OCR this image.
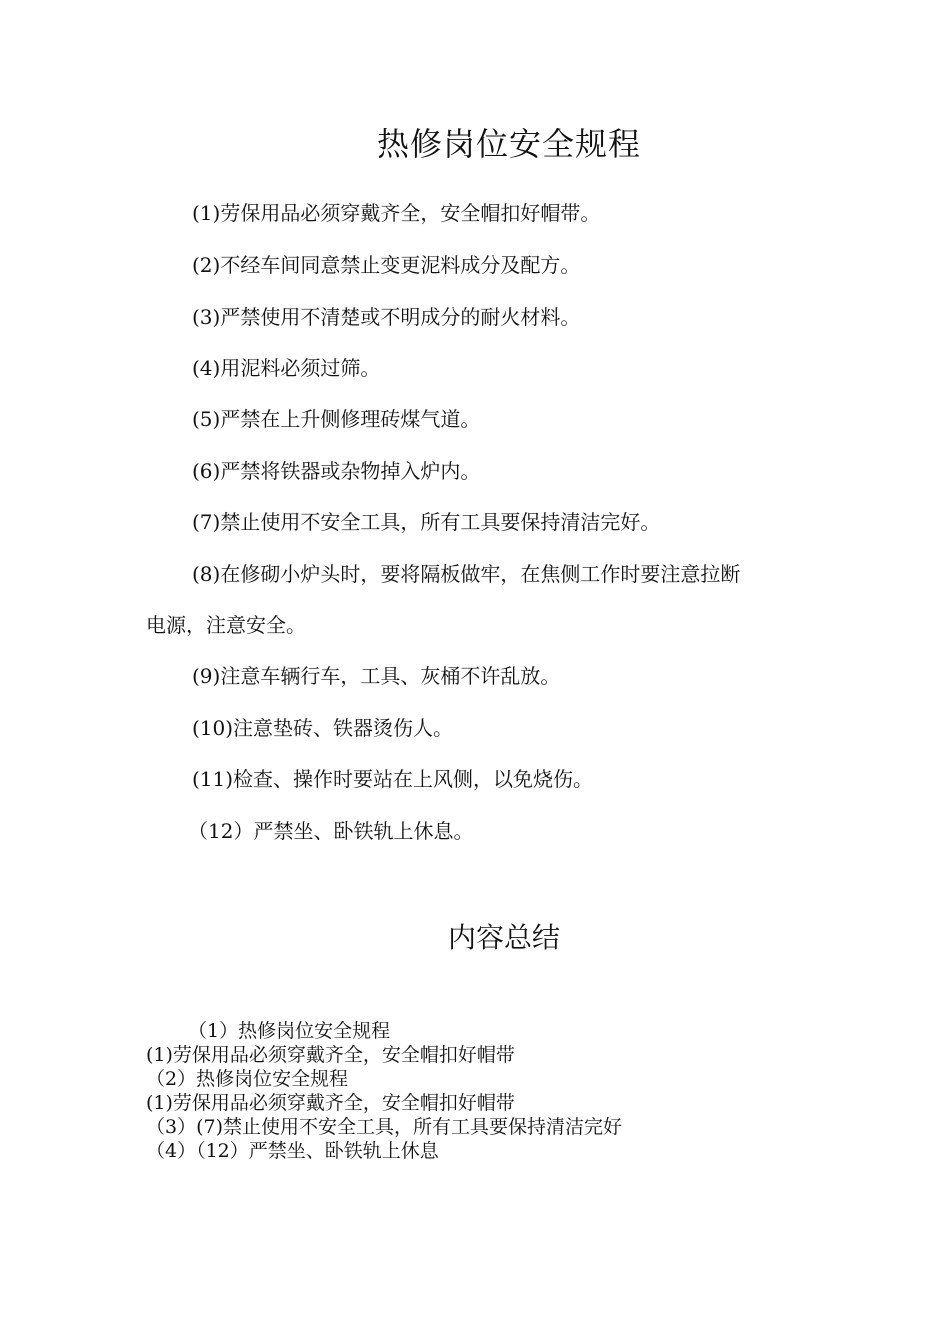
热修岗位安全规程
(1)劳保用品必须穿戴齐全，安全帽扣好帽带。
(2)不经车间同意禁止变更泥料成分及配方。
(3)严禁使用不清楚或不明成分的耐火材料。
(4)用泥料必须过筛。
(5)严禁在上升侧修理砖煤气道。
(6)严禁将铁器或杂物掉入炉内。
(7)禁止使用不安全工具，所有工具要保持清洁完好。
(8)在修砌小炉头时，要将隔板做牢，在焦侧工作时要注意拉断
电源，注意安全。
(9)注意车辆行车，工具、灰桶不许乱放。
(10)注意垫砖、铁器烫伤人。
(11)检查、操作时要站在上风侧，以免烧伤。
（12）严禁坐、卧铁轨上休息。
内容总结
（1）热修岗位安全规程
(1)劳保用品必须穿戴齐全，安全帽扣好帽带
（2）热修岗位安全规程
(1)劳保用品必须穿戴齐全，安全帽扣好帽带
（3）(7)禁止使用不安全工具，所有工具要保持清洁完好
（4）（12）严禁坐、卧铁轨上休息
